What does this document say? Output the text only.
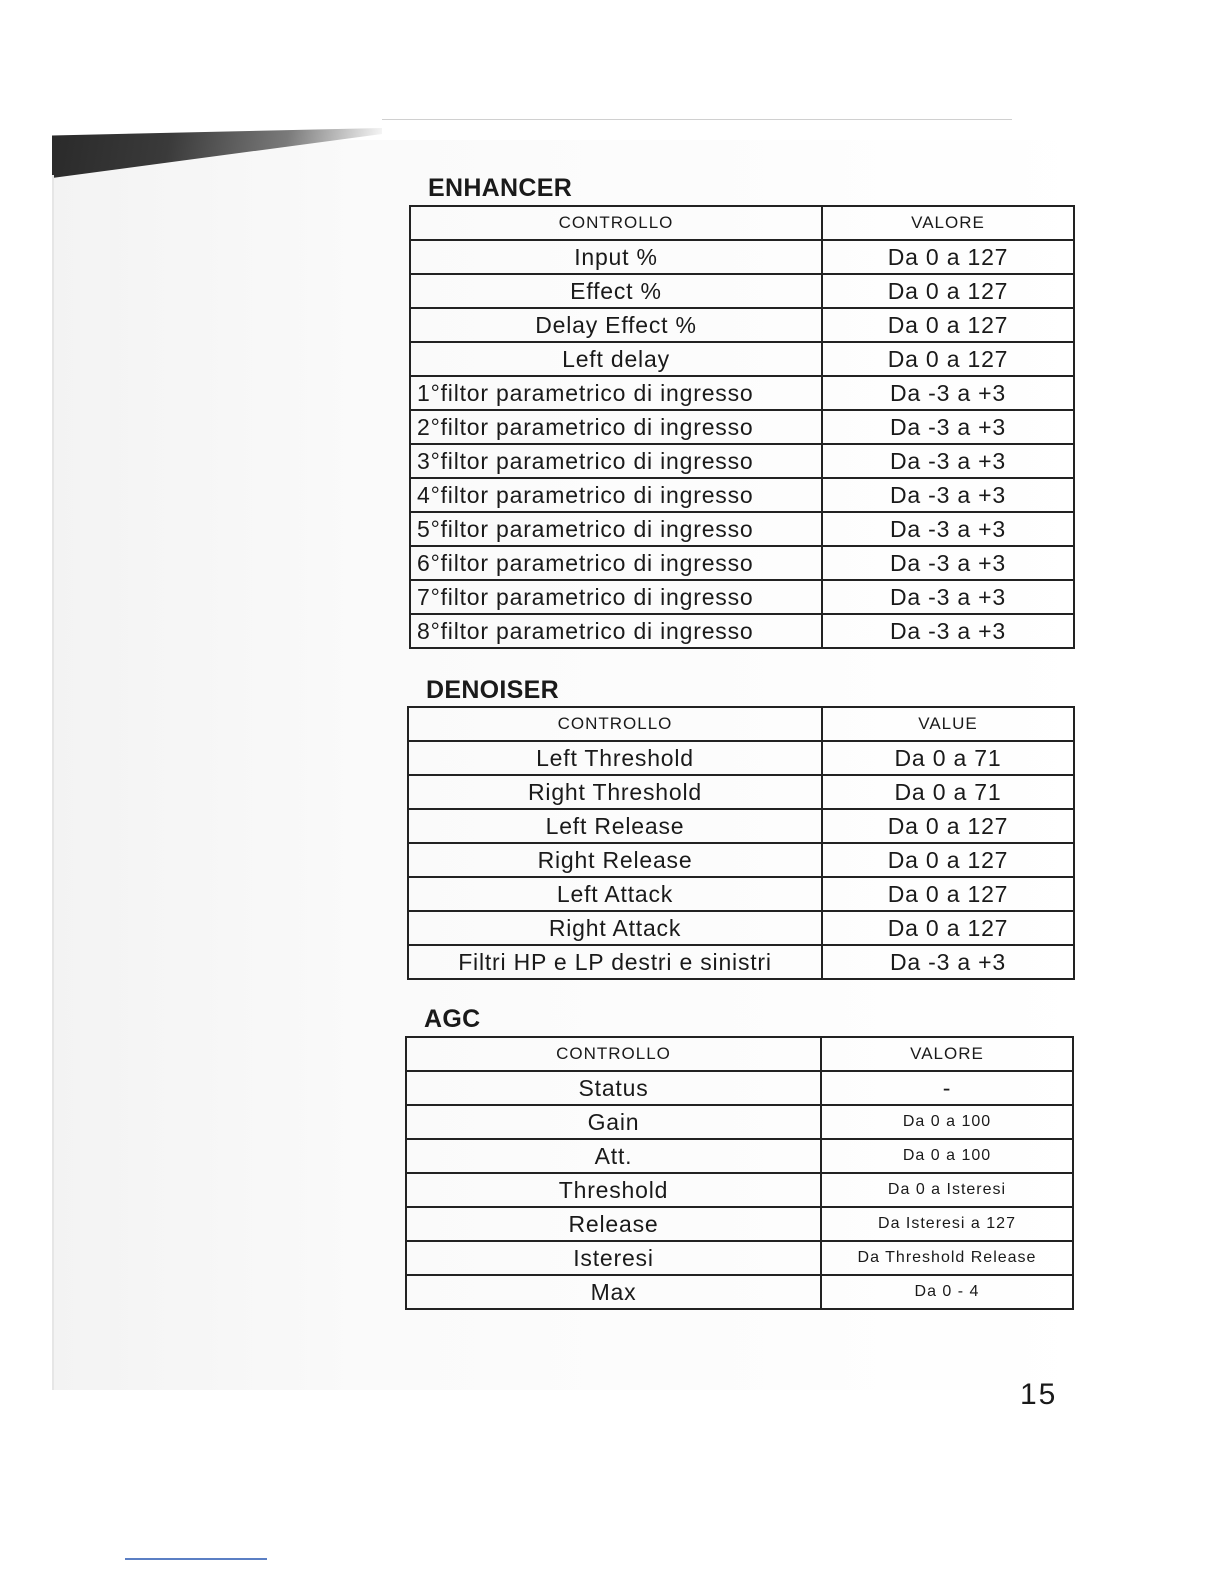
ENHANCER
CONTROLLO	VALORE
Input %	Da 0 a 127
Effect %	Da 0 a 127
Delay Effect %	Da 0 a 127
Left delay	Da 0 a 127
1°filtor parametrico di ingresso	Da -3 a +3
2°filtor parametrico di ingresso	Da -3 a +3
3°filtor parametrico di ingresso	Da -3 a +3
4°filtor parametrico di ingresso	Da -3 a +3
5°filtor parametrico di ingresso	Da -3 a +3
6°filtor parametrico di ingresso	Da -3 a +3
7°filtor parametrico di ingresso	Da -3 a +3
8°filtor parametrico di ingresso	Da -3 a +3
DENOISER
CONTROLLO	VALUE
Left Threshold	Da 0 a 71
Right Threshold	Da 0 a 71
Left Release	Da 0 a 127
Right Release	Da 0 a 127
Left Attack	Da 0 a 127
Right Attack	Da 0 a 127
Filtri HP e LP destri e sinistri	Da -3 a +3
AGC
CONTROLLO	VALORE
Status	-
Gain	Da 0 a 100
Att.	Da 0 a 100
Threshold	Da 0 a Isteresi
Release	Da Isteresi a 127
Isteresi	Da Threshold Release
Max	Da 0 - 4
15
